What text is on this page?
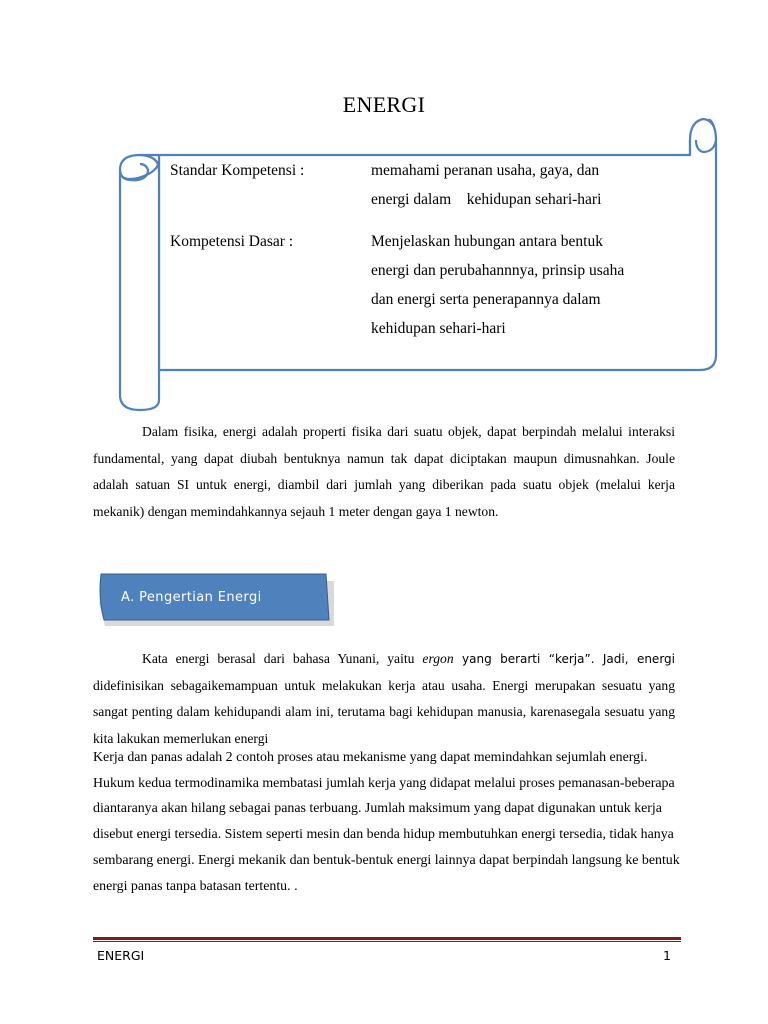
ENERGI
Standar Kompetensi :	memahami peranan usaha, gaya, dan
energi dalam    kehidupan sehari-hari
Kompetensi Dasar :	Menjelaskan hubungan antara bentuk
energi dan perubahannnya, prinsip usaha
dan energi serta penerapannya dalam
kehidupan sehari-hari
Dalam fisika, energi adalah properti fisika dari suatu objek, dapat berpindah melalui interaksi fundamental, yang dapat diubah bentuknya namun tak dapat diciptakan maupun dimusnahkan. Joule adalah satuan SI untuk energi, diambil dari jumlah yang diberikan pada suatu objek (melalui kerja mekanik) dengan memindahkannya sejauh 1 meter dengan gaya 1 newton.
A. Pengertian Energi
Kata energi berasal dari bahasa Yunani, yaitu ergon yang berarti “kerja”. Jadi, energi didefinisikan sebagaikemampuan untuk melakukan kerja atau usaha. Energi merupakan sesuatu yang sangat penting dalam kehidupandi alam ini, terutama bagi kehidupan manusia, karenasegala sesuatu yang kita lakukan memerlukan energi
Kerja dan panas adalah 2 contoh proses atau mekanisme yang dapat memindahkan sejumlah energi. Hukum kedua termodinamika membatasi jumlah kerja yang didapat melalui proses pemanasan-beberapa diantaranya akan hilang sebagai panas terbuang. Jumlah maksimum yang dapat digunakan untuk kerja disebut energi tersedia. Sistem seperti mesin dan benda hidup membutuhkan energi tersedia, tidak hanya sembarang energi. Energi mekanik dan bentuk-bentuk energi lainnya dapat berpindah langsung ke bentuk energi panas tanpa batasan tertentu. .
ENERGI	1
